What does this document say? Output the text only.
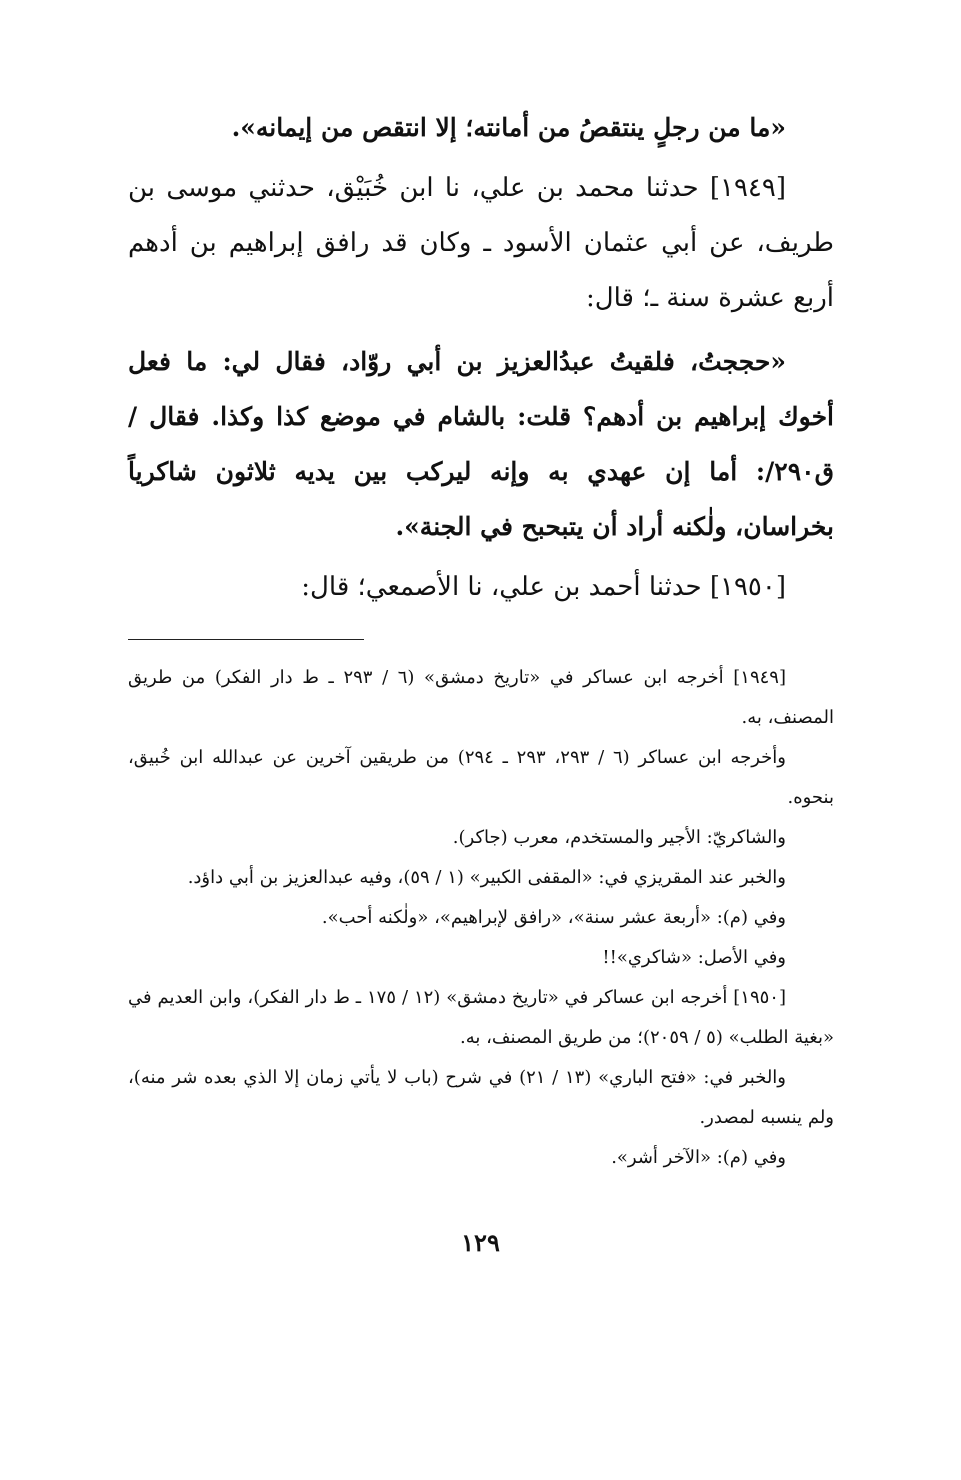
«ما من رجلٍ ينتقصُ من أمانته؛ إلا انتقص من إيمانه».

[١٩٤٩] حدثنا محمد بن علي، نا ابن خُبَيْق، حدثني موسى بن طريف، عن أبي عثمان الأسود ـ وكان قد رافق إبراهيم بن أدهم أربع عشرة سنة ـ؛ قال:

«حججتُ، فلقيتُ عبدُالعزيز بن أبي روّاد، فقال لي: ما فعل أخوك إبراهيم بن أدهم؟ قلت: بالشام في موضع كذا وكذا. فقال /ق٢٩٠/: أما إن عهدي به وإنه ليركب بين يديه ثلاثون شاكرياً بخراسان، ولٰكنه أراد أن يتبحبح في الجنة».

[١٩٥٠] حدثنا أحمد بن علي، نا الأصمعي؛ قال:

[١٩٤٩] أخرجه ابن عساكر في «تاريخ دمشق» (٦ / ٢٩٣ ـ ط دار الفكر) من طريق المصنف، به.

وأخرجه ابن عساكر (٦ / ٢٩٣، ٢٩٣ ـ ٢٩٤) من طريقين آخرين عن عبدالله ابن خُبيق، بنحوه.

والشاكريّ: الأجير والمستخدم، معرب (جاكر).

والخبر عند المقريزي في: «المقفى الكبير» (١ / ٥٩)، وفيه عبدالعزيز بن أبي داؤد.

وفي (م): «أربعة عشر سنة»، «رافق لإبراهيم»، «ولٰكنه أحب».

وفي الأصل: «شاكري»!!

[١٩٥٠] أخرجه ابن عساكر في «تاريخ دمشق» (١٢ / ١٧٥ ـ ط دار الفكر)، وابن العديم في «بغية الطلب» (٥ / ٢٠٥٩)؛ من طريق المصنف، به.

والخبر في: «فتح الباري» (١٣ / ٢١) في شرح (باب لا يأتي زمان إلا الذي بعده شر منه)، ولم ينسبه لمصدر.

وفي (م): «الآخر أشر».

١٢٩
